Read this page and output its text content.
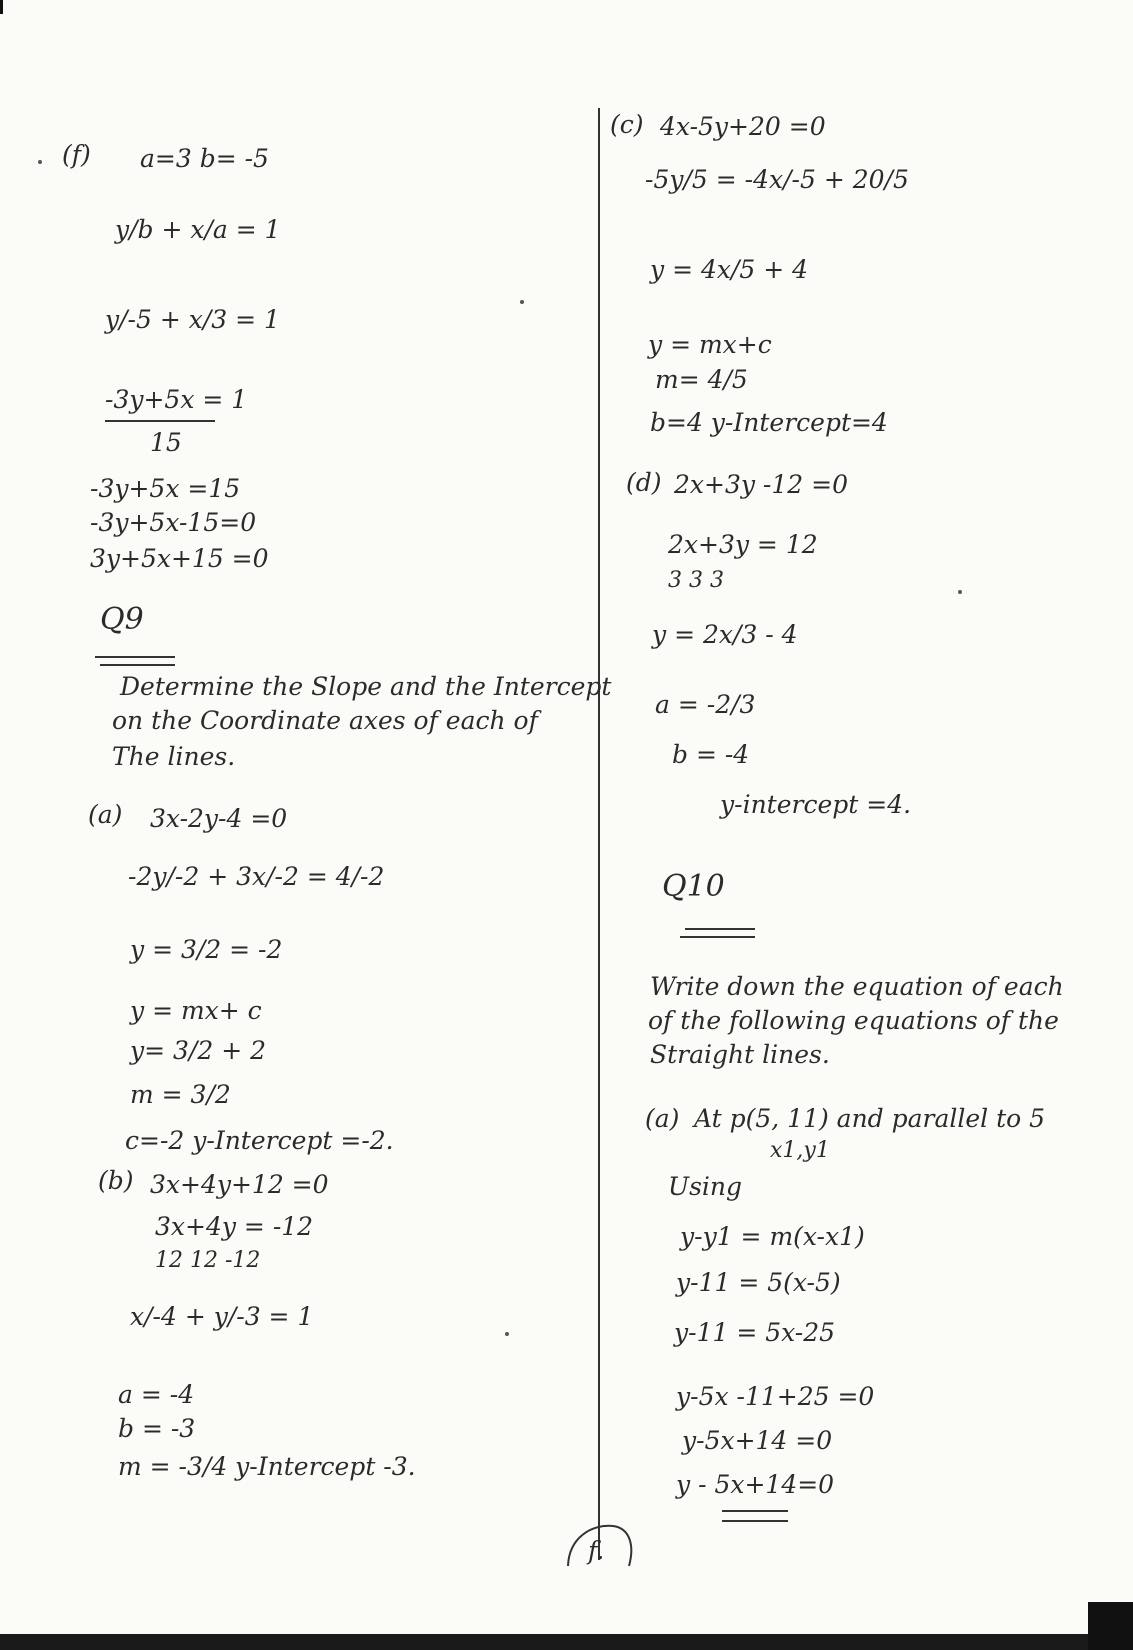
(f) a=3 b= -5
y/b + x/a = 1
y/-5 + x/3 = 1
-3y+5x = 1
15
-3y+5x =15
-3y+5x-15=0
3y+5x+15 =0
Q9
Determine the Slope and the Intercept
on the Coordinate axes of each of
The lines.
(a) 3x-2y-4 =0
-2y/-2 + 3x/-2 = 4/-2
y = 3/2 = -2
y = mx+ c
y= 3/2 + 2
m = 3/2
c=-2 y-Intercept =-2.
(b) 3x+4y+12 =0
3x+4y = -12
12 12 -12
x/-4 + y/-3 = 1
a = -4
b = -3
m = -3/4 y-Intercept -3.
(c) 4x-5y+20 =0
-5y/5 = -4x/-5 + 20/5
y = 4x/5 + 4
y = mx+c
m= 4/5
b=4 y-Intercept=4
(d) 2x+3y -12 =0
2x+3y = 12
3 3 3
y = 2x/3 - 4
a = -2/3
b = -4
y-intercept =4.
Q10
Write down the equation of each
of the following equations of the
Straight lines.
(a) At p(5, 11) and parallel to 5
x1,y1
Using
y-y1 = m(x-x1)
y-11 = 5(x-5)
y-11 = 5x-25
y-5x -11+25 =0
y-5x+14 =0
y - 5x+14=0
f.
